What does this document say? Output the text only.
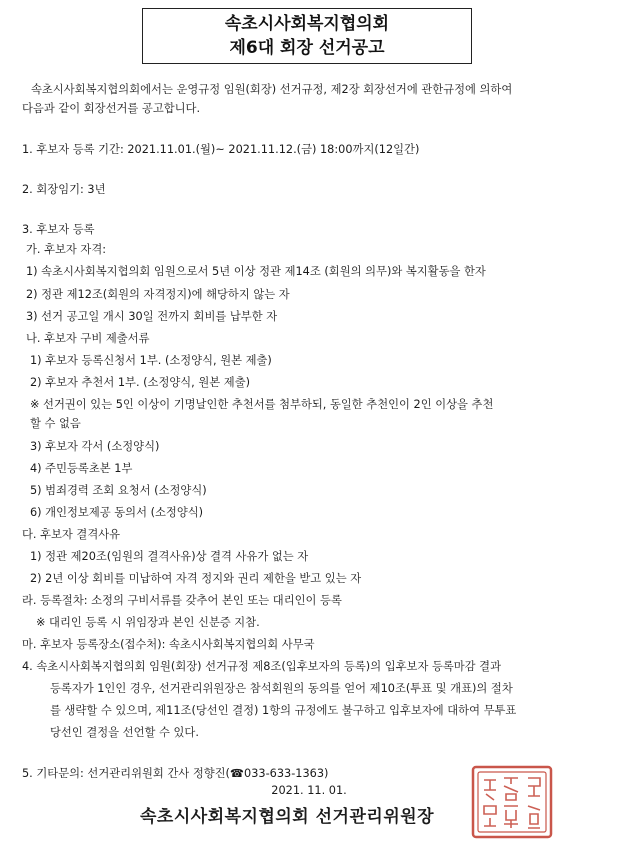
속초시사회복지협의회
제6대 회장 선거공고
속초시사회복지협의회에서는 운영규정 임원(회장) 선거규정, 제2장 회장선거에 관한규정에 의하여
다음과 같이 회장선거를 공고합니다.
1. 후보자 등록 기간: 2021.11.01.(월)~ 2021.11.12.(금) 18:00까지(12일간)
2. 회장임기: 3년
3. 후보자 등록
가. 후보자 자격:
1) 속초시사회복지협의회 임원으로서 5년 이상 정관 제14조 (회원의 의무)와 복지활동을 한자
2) 정관 제12조(회원의 자격정지)에 해당하지 않는 자
3) 선거 공고일 개시 30일 전까지 회비를 납부한 자
나. 후보자 구비 제출서류
1) 후보자 등록신청서 1부. (소정양식, 원본 제출)
2) 후보자 추천서 1부. (소정양식, 원본 제출)
※ 선거권이 있는 5인 이상이 기명날인한 추천서를 첨부하되, 동일한 추천인이 2인 이상을 추천
할 수 없음
3) 후보자 각서 (소정양식)
4) 주민등록초본 1부
5) 범죄경력 조회 요청서 (소정양식)
6) 개인정보제공 동의서 (소정양식)
다. 후보자 결격사유
1) 정관 제20조(임원의 결격사유)상 결격 사유가 없는 자
2) 2년 이상 회비를 미납하여 자격 정지와 권리 제한을 받고 있는 자
라. 등록절차: 소정의 구비서류를 갖추어 본인 또는 대리인이 등록
※ 대리인 등록 시 위임장과 본인 신분증 지참.
마. 후보자 등록장소(접수처): 속초시사회복지협의회 사무국
4. 속초시사회복지협의회 임원(회장) 선거규정 제8조(입후보자의 등록)의 입후보자 등록마감 결과
등록자가 1인인 경우, 선거관리위원장은 참석회원의 동의를 얻어 제10조(투표 및 개표)의 절차
를 생략할 수 있으며, 제11조(당선인 결정) 1항의 규정에도 불구하고 입후보자에 대하여 무투표
당선인 결정을 선언할 수 있다.
5. 기타문의: 선거관리위원회 간사 정향진(☎033-633-1363)
2021. 11. 01.
속초시사회복지협의회 선거관리위원장
